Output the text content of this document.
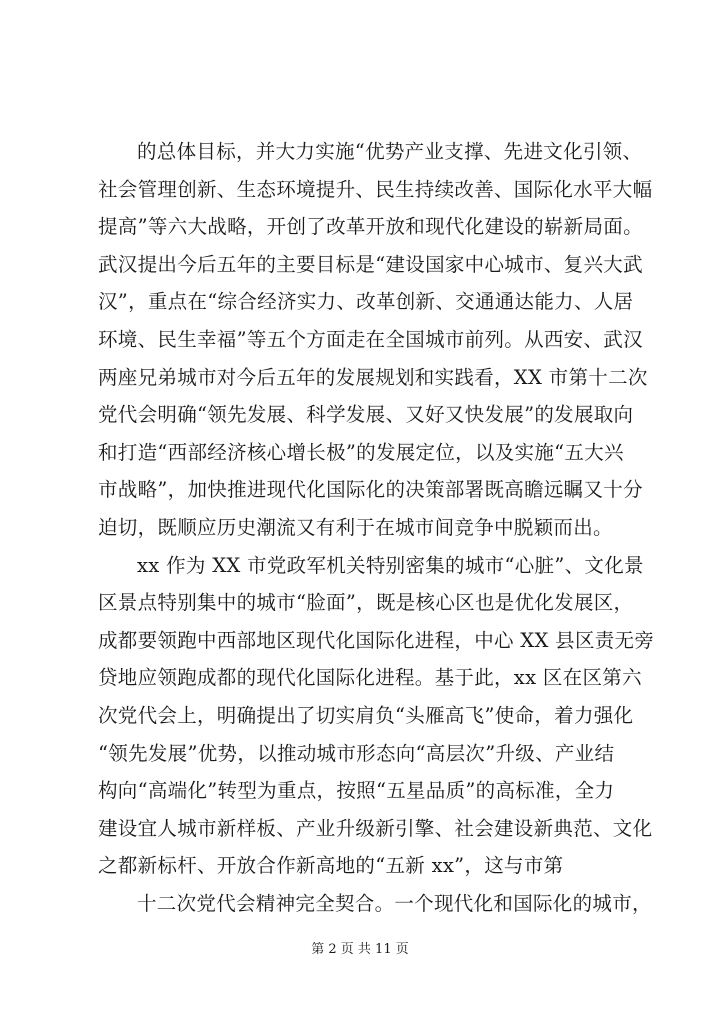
的总体目标，并大力实施“优势产业支撑、先进文化引领、
社会管理创新、生态环境提升、民生持续改善、国际化水平大幅
提高”等六大战略，开创了改革开放和现代化建设的崭新局面。
武汉提出今后五年的主要目标是“建设国家中心城市、复兴大武
汉”，重点在“综合经济实力、改革创新、交通通达能力、人居
环境、民生幸福”等五个方面走在全国城市前列。从西安、武汉
两座兄弟城市对今后五年的发展规划和实践看，XX 市第十二次
党代会明确“领先发展、科学发展、又好又快发展”的发展取向
和打造“西部经济核心增长极”的发展定位，以及实施“五大兴
市战略”，加快推进现代化国际化的决策部署既高瞻远瞩又十分
迫切，既顺应历史潮流又有利于在城市间竞争中脱颖而出。
xx 作为 XX 市党政军机关特别密集的城市“心脏”、文化景
区景点特别集中的城市“脸面”，既是核心区也是优化发展区，
成都要领跑中西部地区现代化国际化进程，中心 XX 县区责无旁
贷地应领跑成都的现代化国际化进程。基于此，xx 区在区第六
次党代会上，明确提出了切实肩负“头雁高飞”使命，着力强化
“领先发展”优势，以推动城市形态向“高层次”升级、产业结
构向“高端化”转型为重点，按照“五星品质”的高标准，全力
建设宜人城市新样板、产业升级新引擎、社会建设新典范、文化
之都新标杆、开放合作新高地的“五新 xx”，这与市第
十二次党代会精神完全契合。一个现代化和国际化的城市，
第 2 页 共 11 页
